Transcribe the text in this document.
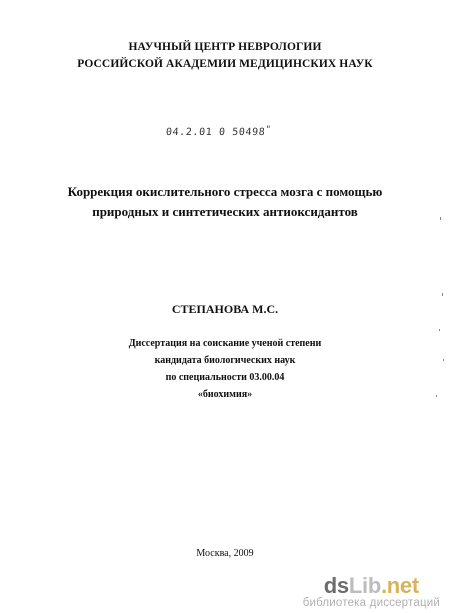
НАУЧНЫЙ ЦЕНТР НЕВРОЛОГИИ
РОССИЙСКОЙ АКАДЕМИИ МЕДИЦИНСКИХ НАУК
04.2.01 0 50498"
Коррекция окислительного стресса мозга с помощью
природных и синтетических антиоксидантов
СТЕПАНОВА М.С.
Диссертация на соискание ученой степени
кандидата биологических наук
по специальности 03.00.04
«биохимия»
Москва, 2009
dsLib.net
библиотека диссертаций
